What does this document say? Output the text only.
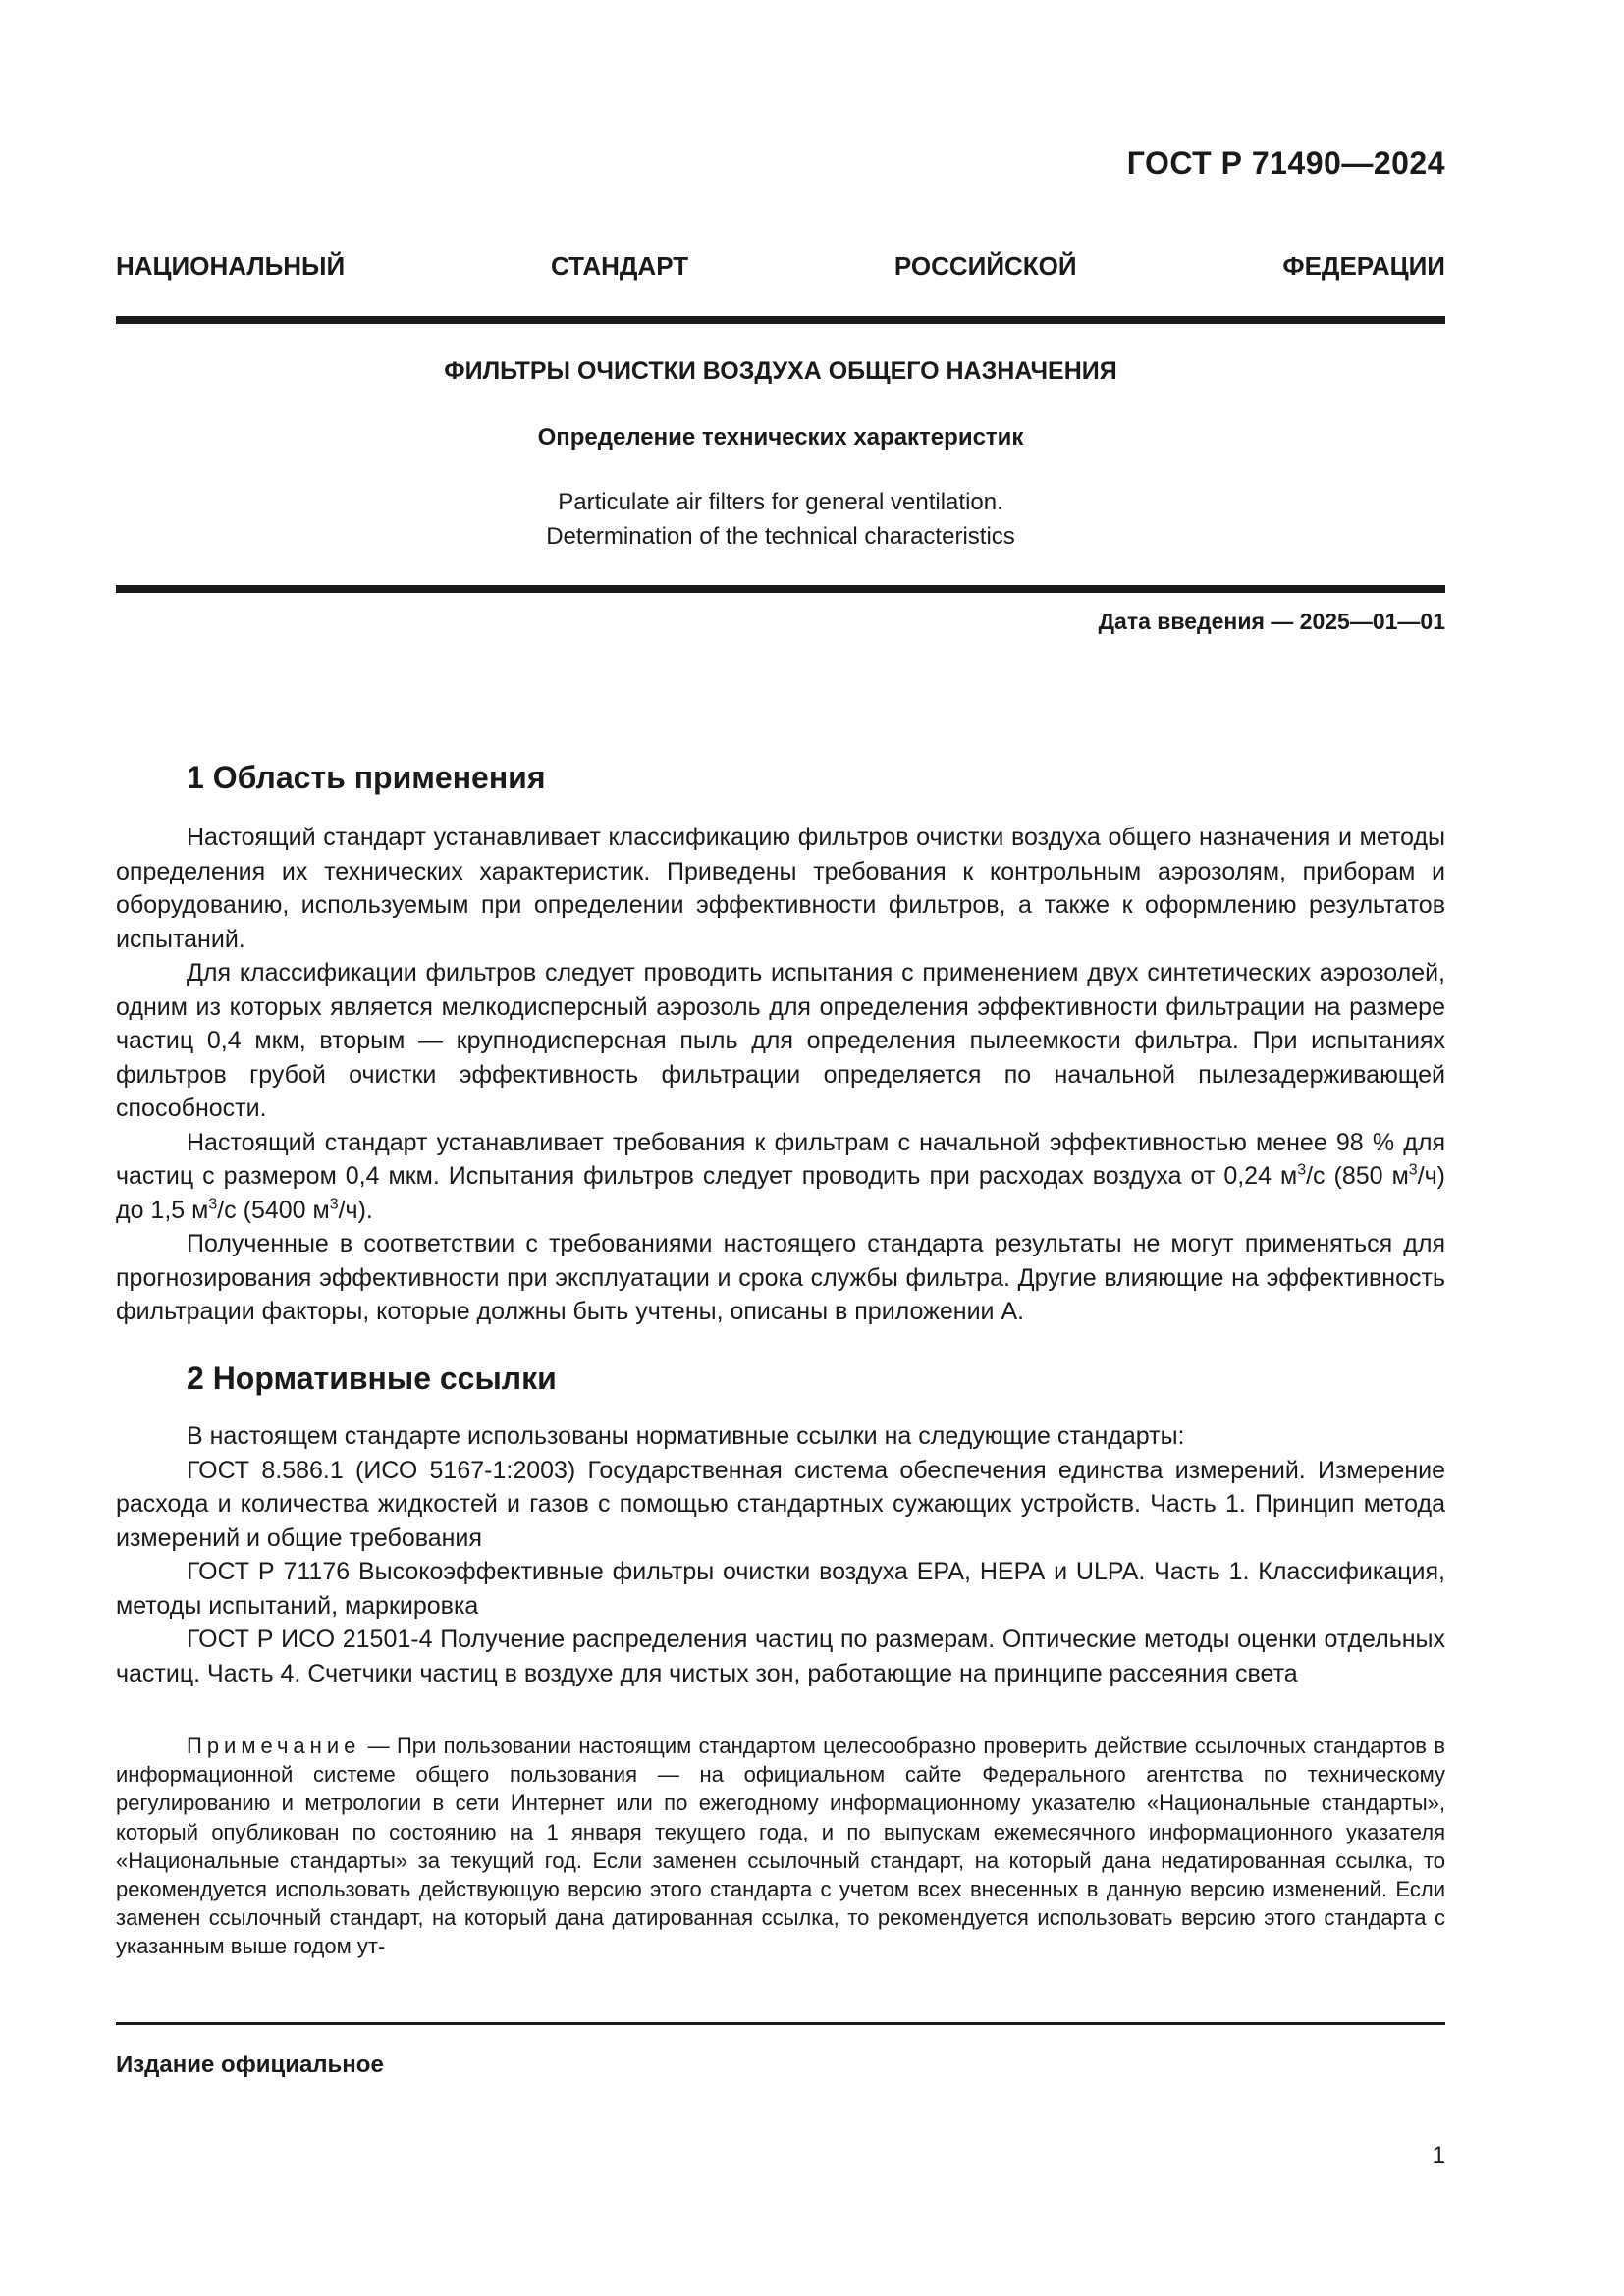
ГОСТ Р 71490—2024
НАЦИОНАЛЬНЫЙ СТАНДАРТ РОССИЙСКОЙ ФЕДЕРАЦИИ
ФИЛЬТРЫ ОЧИСТКИ ВОЗДУХА ОБЩЕГО НАЗНАЧЕНИЯ
Определение технических характеристик
Particulate air filters for general ventilation.
Determination of the technical characteristics
Дата введения — 2025—01—01
1 Область применения

Настоящий стандарт устанавливает классификацию фильтров очистки воздуха общего назначения и методы определения их технических характеристик. Приведены требования к контрольным аэрозолям, приборам и оборудованию, используемым при определении эффективности фильтров, а также к оформлению результатов испытаний.

Для классификации фильтров следует проводить испытания с применением двух синтетических аэрозолей, одним из которых является мелкодисперсный аэрозоль для определения эффективности фильтрации на размере частиц 0,4 мкм, вторым — крупнодисперсная пыль для определения пылеемкости фильтра. При испытаниях фильтров грубой очистки эффективность фильтрации определяется по начальной пылезадерживающей способности.

Настоящий стандарт устанавливает требования к фильтрам с начальной эффективностью менее 98 % для частиц с размером 0,4 мкм. Испытания фильтров следует проводить при расходах воздуха от 0,24 $м^3/с$ (850 $м^3/ч$) до 1,5 $м^3/с$ (5400 $м^3/ч$).

Полученные в соответствии с требованиями настоящего стандарта результаты не могут применяться для прогнозирования эффективности при эксплуатации и срока службы фильтра. Другие влияющие на эффективность фильтрации факторы, которые должны быть учтены, описаны в приложении А.

2 Нормативные ссылки

В настоящем стандарте использованы нормативные ссылки на следующие стандарты:

ГОСТ 8.586.1 (ИСО 5167-1:2003) Государственная система обеспечения единства измерений. Измерение расхода и количества жидкостей и газов с помощью стандартных сужающих устройств. Часть 1. Принцип метода измерений и общие требования

ГОСТ Р 71176 Высокоэффективные фильтры очистки воздуха ЕРА, НЕРА и ULPA. Часть 1. Классификация, методы испытаний, маркировка

ГОСТ Р ИСО 21501-4 Получение распределения частиц по размерам. Оптические методы оценки отдельных частиц. Часть 4. Счетчики частиц в воздухе для чистых зон, работающие на принципе рассеяния света

Примечание — При пользовании настоящим стандартом целесообразно проверить действие ссылочных стандартов в информационной системе общего пользования — на официальном сайте Федерального агентства по техническому регулированию и метрологии в сети Интернет или по ежегодному информационному указателю «Национальные стандарты», который опубликован по состоянию на 1 января текущего года, и по выпускам ежемесячного информационного указателя «Национальные стандарты» за текущий год. Если заменен ссылочный стандарт, на который дана недатированная ссылка, то рекомендуется использовать действующую версию этого стандарта с учетом всех внесенных в данную версию изменений. Если заменен ссылочный стандарт, на который дана датированная ссылка, то рекомендуется использовать версию этого стандарта с указанным выше годом ут-

Издание официальное
1
